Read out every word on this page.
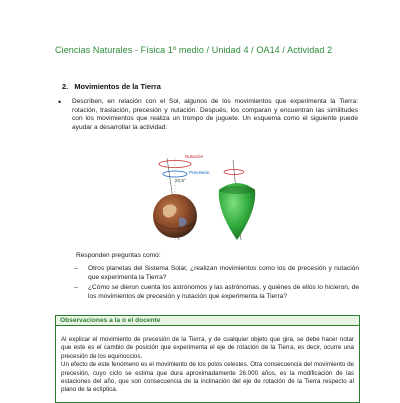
Ciencias Naturales - Física 1º medio / Unidad 4 / OA14 / Actividad 2
2. Movimientos de la Tierra
• Describen, en relación con el Sol, algunos de los movimientos que experimenta la Tierra: rotación, traslación, precesión y nutación. Después, los comparan y encuentran las similitudes con los movimientos que realiza un trompo de juguete. Un esquema como el siguiente puede ayudar a desarrollar la actividad:
Nutación
Precesión
23,5°
Responden preguntas como:
– Otros planetas del Sistema Solar, ¿realizan movimientos como los de precesión y nutación que experimenta la Tierra?
– ¿Cómo se dieron cuenta los astrónomos y las astrónomas, y quiénes de ellos lo hicieron, de los movimientos de precesión y nutación que experimenta la Tierra?
Observaciones a la o el docente

Al explicar el movimiento de precesión de la Tierra, y de cualquier objeto que gira, se debe hacer notar que este es el cambio de posición que experimenta el eje de rotación de la Tierra, es decir, ocurre una precesión de los equinoccios.

Un efecto de este fenómeno es el movimiento de los polos celestes. Otra consecuencia del movimiento de precesión, cuyo ciclo se estima que dura aproximadamente 26.000 años, es la modificación de las estaciones del año, que son consecuencia de la inclinación del eje de rotación de la Tierra respecto al plano de la eclíptica.
